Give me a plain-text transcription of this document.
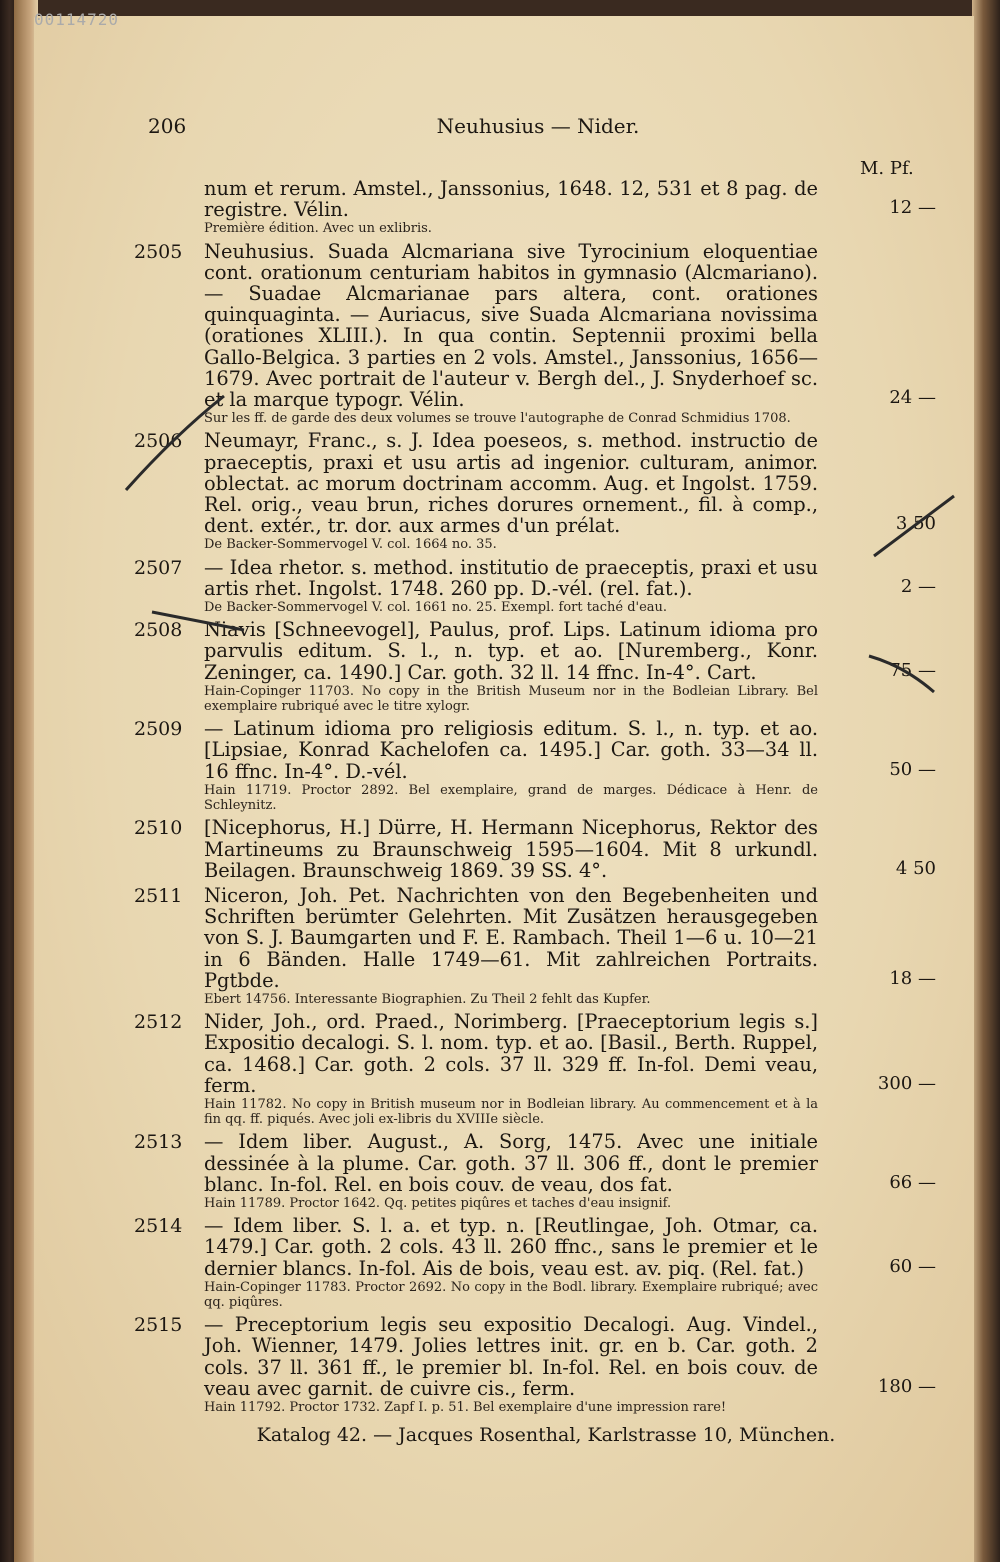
00114720
206	Neuhusius — Nider.
M. Pf.
num et rerum. Amstel., Janssonius, 1648. 12, 531 et 8 pag. de registre. Vélin.	12 —
Première édition. Avec un exlibris.
2505 Neuhusius. Suada Alcmariana sive Tyrocinium eloquentiae cont. orationum centuriam habitos in gymnasio (Alcmariano). — Suadae Alcmarianae pars altera, cont. orationes quinquaginta. — Auriacus, sive Suada Alcmariana novissima (orationes XLIII.). In qua contin. Septennii proximi bella Gallo-Belgica. 3 parties en 2 vols. Amstel., Janssonius, 1656—1679. Avec portrait de l'auteur v. Bergh del., J. Snyderhoef sc. et la marque typogr. Vélin.	24 —
Sur les ff. de garde des deux volumes se trouve l'autographe de Conrad Schmidius 1708.
2506 Neumayr, Franc., s. J. Idea poeseos, s. method. instructio de praeceptis, praxi et usu artis ad ingenior. culturam, animor. oblectat. ac morum doctrinam accomm. Aug. et Ingolst. 1759. Rel. orig., veau brun, riches dorures ornement., fil. à comp., dent. extér., tr. dor. aux armes d'un prélat.	3 50
De Backer-Sommervogel V. col. 1664 no. 35.
2507 — Idea rhetor. s. method. institutio de praeceptis, praxi et usu artis rhet. Ingolst. 1748. 260 pp. D.-vél. (rel. fat.).	2 —
De Backer-Sommervogel V. col. 1661 no. 25. Exempl. fort taché d'eau.
2508 Niavis [Schneevogel], Paulus, prof. Lips. Latinum idioma pro parvulis editum. S. l., n. typ. et ao. [Nuremberg., Konr. Zeninger, ca. 1490.] Car. goth. 32 ll. 14 ffnc. In-4°. Cart.	75 —
Hain-Copinger 11703. No copy in the British Museum nor in the Bodleian Library. Bel exemplaire rubriqué avec le titre xylogr.
2509 — Latinum idioma pro religiosis editum. S. l., n. typ. et ao. [Lipsiae, Konrad Kachelofen ca. 1495.] Car. goth. 33—34 ll. 16 ffnc. In-4°. D.-vél.	50 —
Hain 11719. Proctor 2892. Bel exemplaire, grand de marges. Dédicace à Henr. de Schleynitz.
2510 [Nicephorus, H.] Dürre, H. Hermann Nicephorus, Rektor des Martineums zu Braunschweig 1595—1604. Mit 8 urkundl. Beilagen. Braunschweig 1869. 39 SS. 4°.	4 50
2511 Niceron, Joh. Pet. Nachrichten von den Begebenheiten und Schriften berümter Gelehrten. Mit Zusätzen herausgegeben von S. J. Baumgarten und F. E. Rambach. Theil 1—6 u. 10—21 in 6 Bänden. Halle 1749—61. Mit zahlreichen Portraits. Pgtbde.	18 —
Ebert 14756. Interessante Biographien. Zu Theil 2 fehlt das Kupfer.
2512 Nider, Joh., ord. Praed., Norimberg. [Praeceptorium legis s.] Expositio decalogi. S. l. nom. typ. et ao. [Basil., Berth. Ruppel, ca. 1468.] Car. goth. 2 cols. 37 ll. 329 ff. In-fol. Demi veau, ferm.	300 —
Hain 11782. No copy in British museum nor in Bodleian library. Au commencement et à la fin qq. ff. piqués. Avec joli ex-libris du XVIIIe siècle.
2513 — Idem liber. August., A. Sorg, 1475. Avec une initiale dessinée à la plume. Car. goth. 37 ll. 306 ff., dont le premier blanc. In-fol. Rel. en bois couv. de veau, dos fat.	66 —
Hain 11789. Proctor 1642. Qq. petites piqûres et taches d'eau insignif.
2514 — Idem liber. S. l. a. et typ. n. [Reutlingae, Joh. Otmar, ca. 1479.] Car. goth. 2 cols. 43 ll. 260 ffnc., sans le premier et le dernier blancs. In-fol. Ais de bois, veau est. av. piq. (Rel. fat.)	60 —
Hain-Copinger 11783. Proctor 2692. No copy in the Bodl. library. Exemplaire rubriqué; avec qq. piqûres.
2515 — Preceptorium legis seu expositio Decalogi. Aug. Vindel., Joh. Wienner, 1479. Jolies lettres init. gr. en b. Car. goth. 2 cols. 37 ll. 361 ff., le premier bl. In-fol. Rel. en bois couv. de veau avec garnit. de cuivre cis., ferm.	180 —
Hain 11792. Proctor 1732. Zapf I. p. 51. Bel exemplaire d'une impression rare!
Katalog 42. — Jacques Rosenthal, Karlstrasse 10, München.
